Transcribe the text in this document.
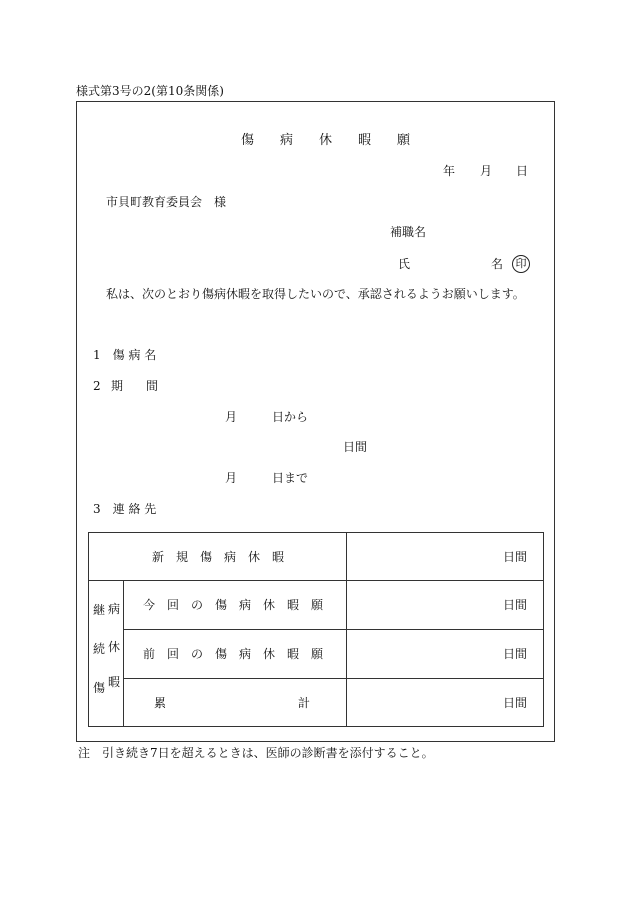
様式第3号の2(第10条関係)
傷 病 休 暇 願
年 月 日
市貝町教育委員会　様
補職名
氏	名	印
私は、次のとおり傷病休暇を取得したいので、承認されるようお願いします。
1　傷 病 名
2 期 間
月	日から
日間
月	日まで
3　連 絡 先
新　規　傷　病　休　暇	日間
継
続
傷
病
休
暇
今　回　の　傷　病　休　暇　願	日間
前　回　の　傷　病　休　暇　願	日間
累	計	日間
注　引き続き7日を超えるときは、医師の診断書を添付すること。
